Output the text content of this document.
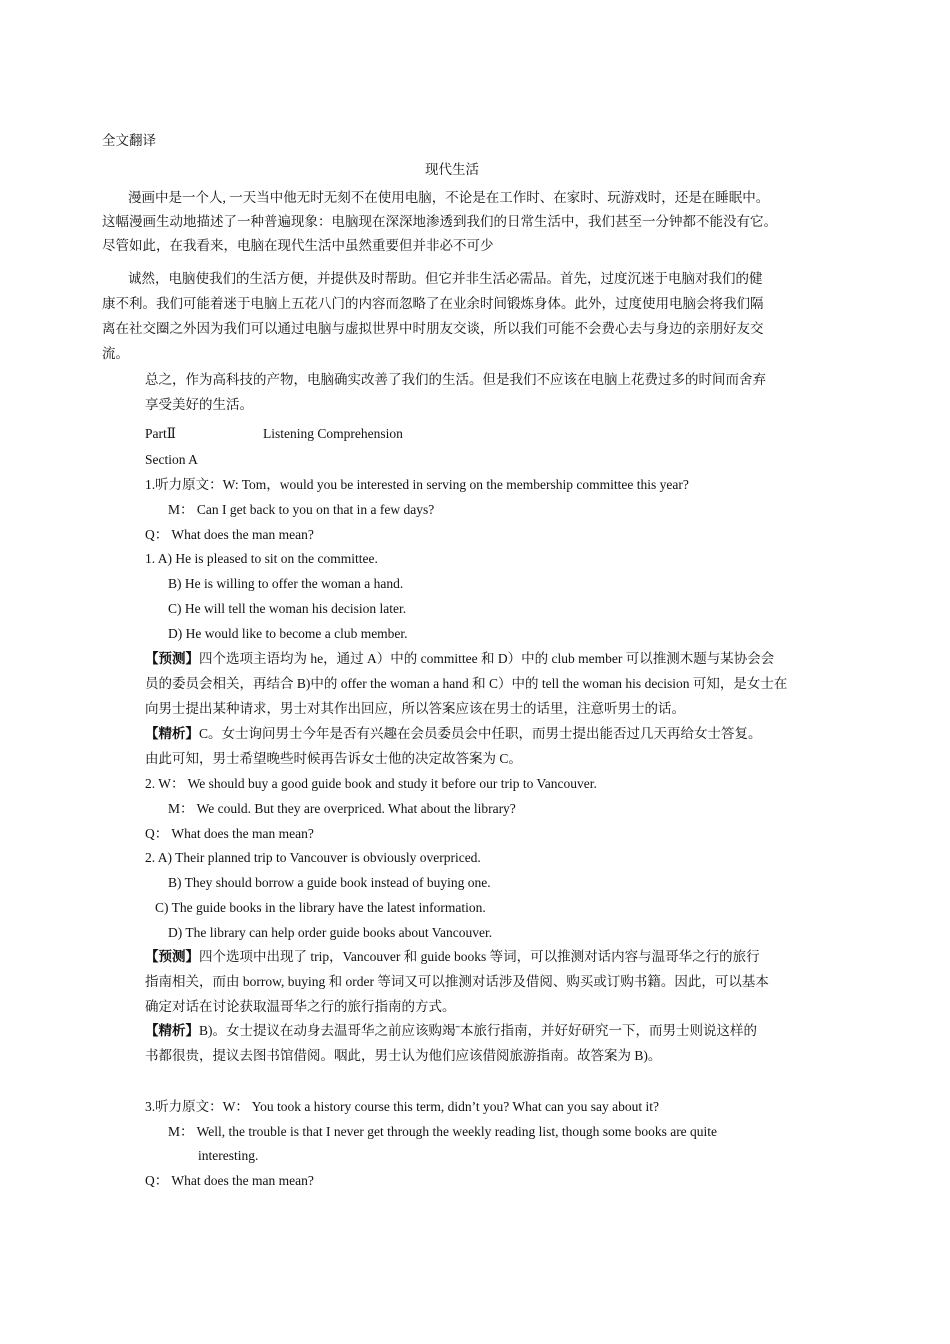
全文翻译
现代生活
漫画中是一个人, 一天当中他无时无刻不在使用电脑，不论是在工作时、在家时、玩游戏时，还是在睡眠中。
这幅漫画生动地描述了一种普遍现象：电脑现在深深地渗透到我们的日常生活中，我们甚至一分钟都不能没有它。
尽管如此，在我看来，电脑在现代生活中虽然重要但并非必不可少
诚然，电脑使我们的生活方便，并提供及时帮助。但它并非生活必需品。首先，过度沉迷于电脑对我们的健
康不利。我们可能着迷于电脑上五花八门的内容而忽略了在业余时间锻炼身体。此外，过度使用电脑会将我们隔
离在社交圈之外因为我们可以通过电脑与虚拟世界中时朋友交谈，所以我们可能不会费心去与身边的亲朋好友交
流。
总之，作为高科技的产物，电脑确实改善了我们的生活。但是我们不应该在电脑上花费过多的时间而舍弃
享受美好的生活。
PartⅡ	Listening Comprehension
Section A
1.听力原文：W: Tom，would you be interested in serving on the membership committee this year?
M： Can I get back to you on that in a few days?
Q： What does the man mean?
1. A) He is pleased to sit on the committee.
B) He is willing to offer the woman a hand.
C) He will tell the woman his decision later.
D) He would like to become a club member.
【预测】四个选项主语均为 he，通过 A）中的 committee 和 D）中的 club member 可以推测木题与某协会会
员的委员会相关，再结合 B)中的 offer the woman a hand 和 C）中的 tell the woman his decision 可知，是女士在
向男士提出某种请求，男士对其作出回应，所以答案应该在男士的话里，注意听男士的话。
【精析】C。女士询问男士今年是否有兴趣在会员委员会中任职，而男士提出能否过几天再给女士答复。
由此可知，男士希望晚些时候再告诉女士他的决定故答案为 C。
2. W： We should buy a good guide book and study it before our trip to Vancouver.
M： We could. But they are overpriced. What about the library?
Q： What does the man mean?
2. A) Their planned trip to Vancouver is obviously overpriced.
B) They should borrow a guide book instead of buying one.
C) The guide books in the library have the latest information.
D) The library can help order guide books about Vancouver.
【预测】四个选项中出现了 trip，Vancouver 和 guide books 等词，可以推测对话内容与温哥华之行的旅行
指南相关，而由 borrow, buying 和 order 等词又可以推测对话涉及借阅、购买或订购书籍。因此，可以基本
确定对话在讨论获取温哥华之行的旅行指南的方式。
【精析】B)。女士提议在动身去温哥华之前应该购竭ˉ本旅行指南，并好好研究一下，而男士则说这样的
书都很贵，提议去图书馆借阅。咽此，男士认为他们应该借阅旅游指南。故答案为 B)。
3.听力原文：W： You took a history course this term, didn’t you? What can you say about it?
M： Well, the trouble is that I never get through the weekly reading list, though some books are quite
interesting.
Q： What does the man mean?
